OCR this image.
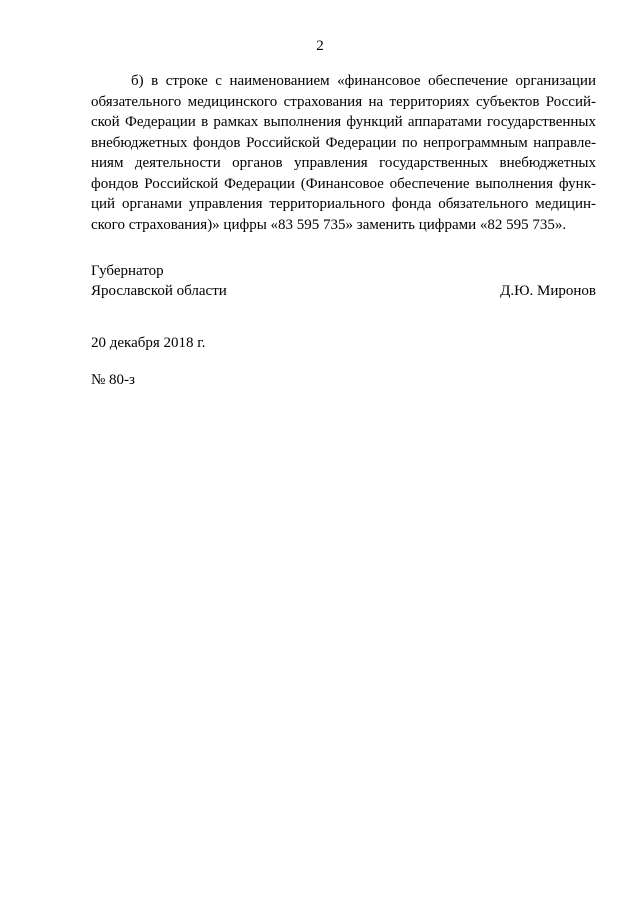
2
б) в строке с наименованием «финансовое обеспечение организации
обязательного медицинского страхования на территориях субъектов Россий-
ской Федерации в рамках выполнения функций аппаратами государственных
внебюджетных фондов Российской Федерации по непрограммным направле-
ниям деятельности органов управления государственных внебюджетных
фондов Российской Федерации (Финансовое обеспечение выполнения функ-
ций органами управления территориального фонда обязательного медицин-
ского страхования)» цифры «83 595 735» заменить цифрами «82 595 735».
Губернатор
Ярославской области	Д.Ю. Миронов
20 декабря 2018 г.
№ 80-з
